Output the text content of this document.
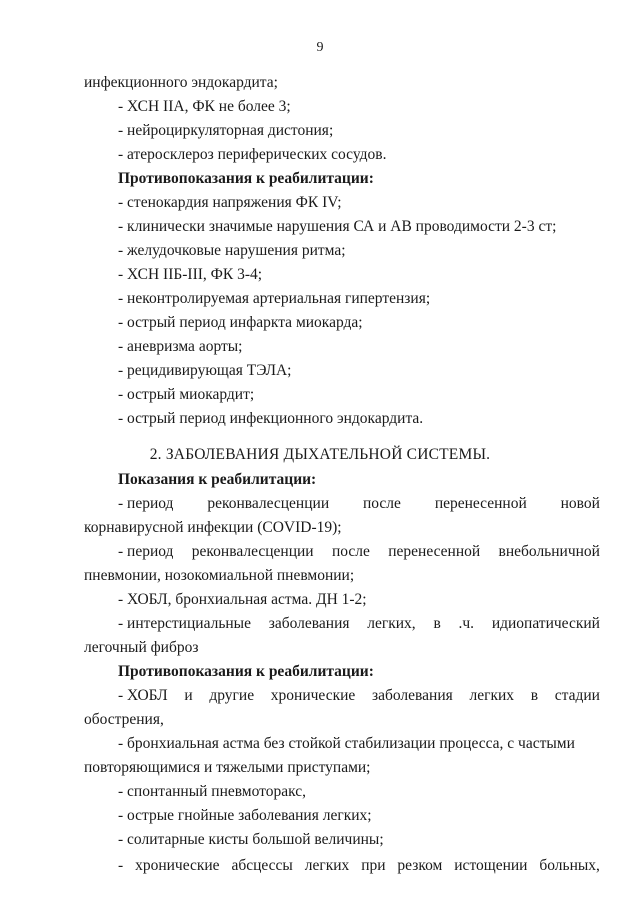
9
инфекционного эндокардита;
- ХСН IIА, ФК не более 3;
- нейроциркуляторная дистония;
- атеросклероз периферических сосудов.
Противопоказания к реабилитации:
- стенокардия напряжения ФК IV;
- клинически значимые нарушения СА и АВ проводимости 2-3 ст;
- желудочковые нарушения ритма;
- ХСН IIБ-III, ФК 3-4;
- неконтролируемая артериальная гипертензия;
- острый период инфаркта миокарда;
- аневризма аорты;
- рецидивирующая ТЭЛА;
- острый миокардит;
- острый период инфекционного эндокардита.
2. ЗАБОЛЕВАНИЯ ДЫХАТЕЛЬНОЙ СИСТЕМЫ.
Показания к реабилитации:
- период реконвалесценции после перенесенной новой
корнавирусной инфекции (COVID-19);
- период реконвалесценции после перенесенной внебольничной
пневмонии, нозокомиальной пневмонии;
- ХОБЛ, бронхиальная астма. ДН 1-2;
- интерстициальные заболевания легких, в .ч. идиопатический
легочный фиброз
Противопоказания к реабилитации:
- ХОБЛ и другие хронические заболевания легких в стадии
обострения,
- бронхиальная астма без стойкой стабилизации процесса, с частыми
повторяющимися и тяжелыми приступами;
- спонтанный пневмоторакс,
- острые гнойные заболевания легких;
- солитарные кисты большой величины;
- хронические абсцессы легких при резком истощении больных,
